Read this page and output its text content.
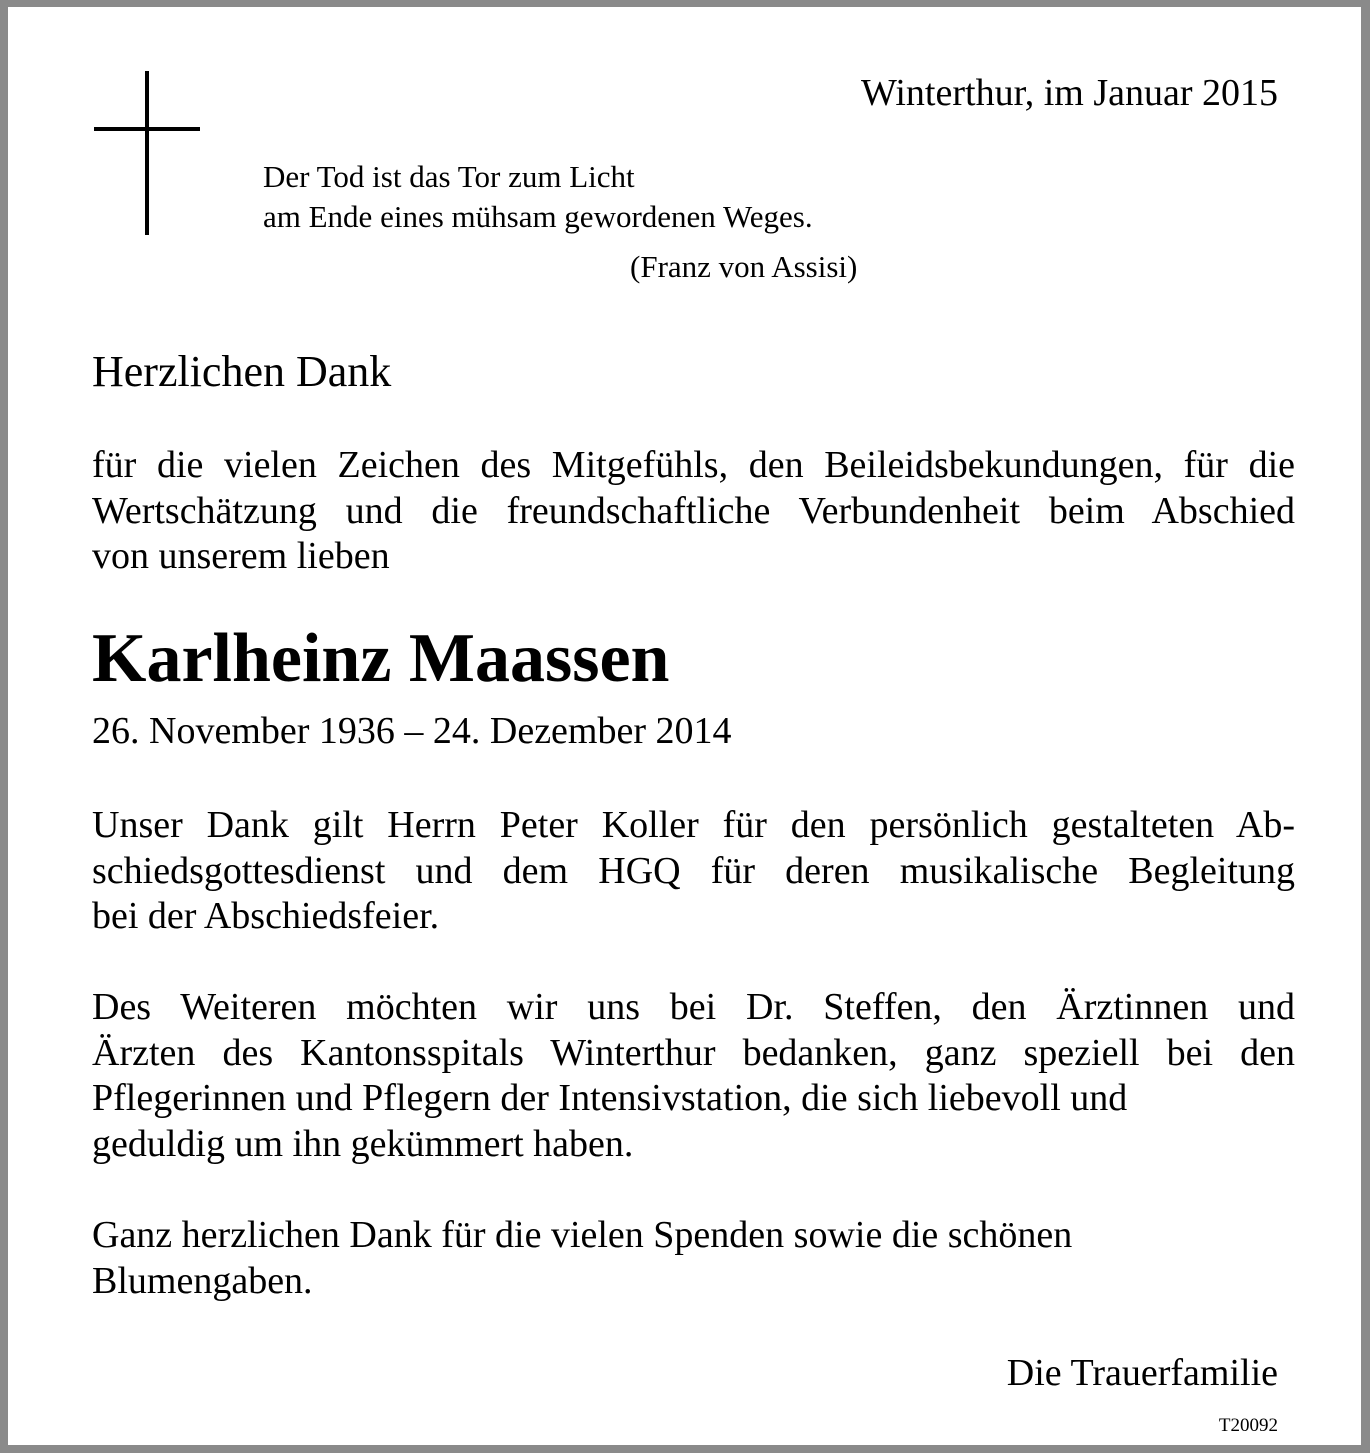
Winterthur, im Januar 2015
Der Tod ist das Tor zum Licht
am Ende eines mühsam gewordenen Weges.
(Franz von Assisi)
Herzlichen Dank
für die vielen Zeichen des Mitgefühls, den Beileidsbekundungen, für die
Wertschätzung und die freundschaftliche Verbundenheit beim Abschied
von unserem lieben
Karlheinz Maassen
26. November 1936 – 24. Dezember 2014
Unser Dank gilt Herrn Peter Koller für den persönlich gestalteten Ab-
schiedsgottesdienst und dem HGQ für deren musikalische Begleitung
bei der Abschiedsfeier.
Des Weiteren möchten wir uns bei Dr. Steffen, den Ärztinnen und
Ärzten des Kantonsspitals Winterthur bedanken, ganz speziell bei den
Pflegerinnen und Pflegern der Intensivstation, die sich liebevoll und
geduldig um ihn gekümmert haben.
Ganz herzlichen Dank für die vielen Spenden sowie die schönen
Blumengaben.
Die Trauerfamilie
T20092
